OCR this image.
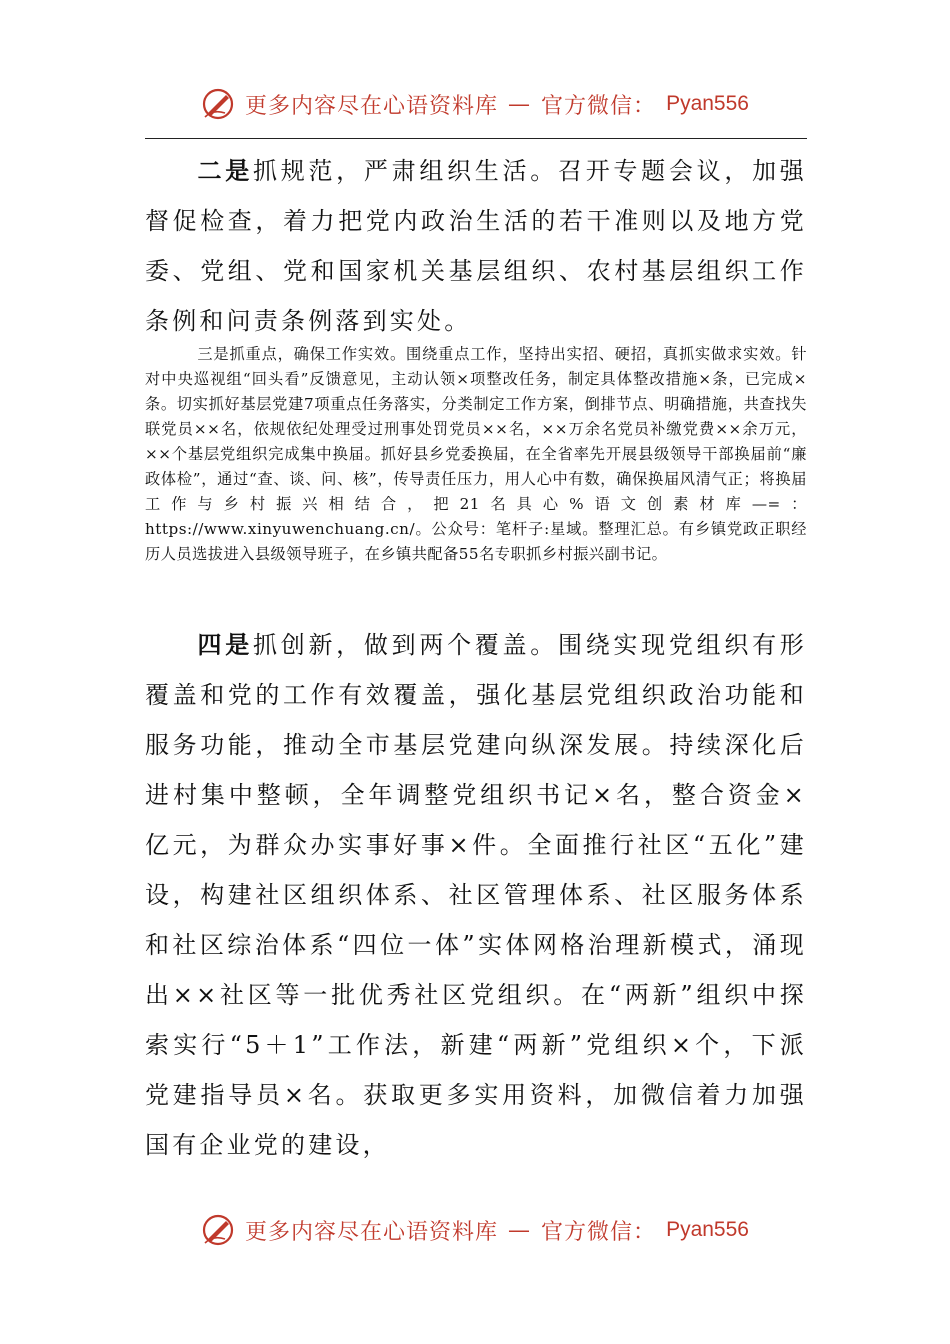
更多内容尽在心语资料库 — 官方微信： Pyan556

二是抓规范，严肃组织生活。召开专题会议，加强督促检查，着力把党内政治生活的若干准则以及地方党委、党组、党和国家机关基层组织、农村基层组织工作条例和问责条例落到实处。

三是抓重点，确保工作实效。围绕重点工作，坚持出实招、硬招，真抓实做求实效。针对中央巡视组“回头看”反馈意见，主动认领×项整改任务，制定具体整改措施×条，已完成×条。切实抓好基层党建7项重点任务落实，分类制定工作方案，倒排节点、明确措施，共查找失联党员××名，依规依纪处理受过刑事处罚党员××名，××万余名党员补缴党费××余万元，××个基层党组织完成集中换届。抓好县乡党委换届，在全省率先开展县级领导干部换届前“廉政体检”，通过“查、谈、问、核”，传导责任压力，用人心中有数，确保换届风清气正；将换届工作与乡村振兴相结合，把21名具心%语文创素材库—=：https://www.xinyuwenchuang.cn/。公众号：笔杆子:星域。整理汇总。有乡镇党政正职经历人员选拔进入县级领导班子，在乡镇共配备55名专职抓乡村振兴副书记。

四是抓创新，做到两个覆盖。围绕实现党组织有形覆盖和党的工作有效覆盖，强化基层党组织政治功能和服务功能，推动全市基层党建向纵深发展。持续深化后进村集中整顿，全年调整党组织书记×名，整合资金×亿元，为群众办实事好事×件。全面推行社区“五化”建设，构建社区组织体系、社区管理体系、社区服务体系和社区综治体系“四位一体”实体网格治理新模式，涌现出××社区等一批优秀社区党组织。在“两新”组织中探索实行“5＋1”工作法，新建“两新”党组织×个，下派党建指导员×名。获取更多实用资料，加微信着力加强国有企业党的建设，

更多内容尽在心语资料库 — 官方微信： Pyan556
